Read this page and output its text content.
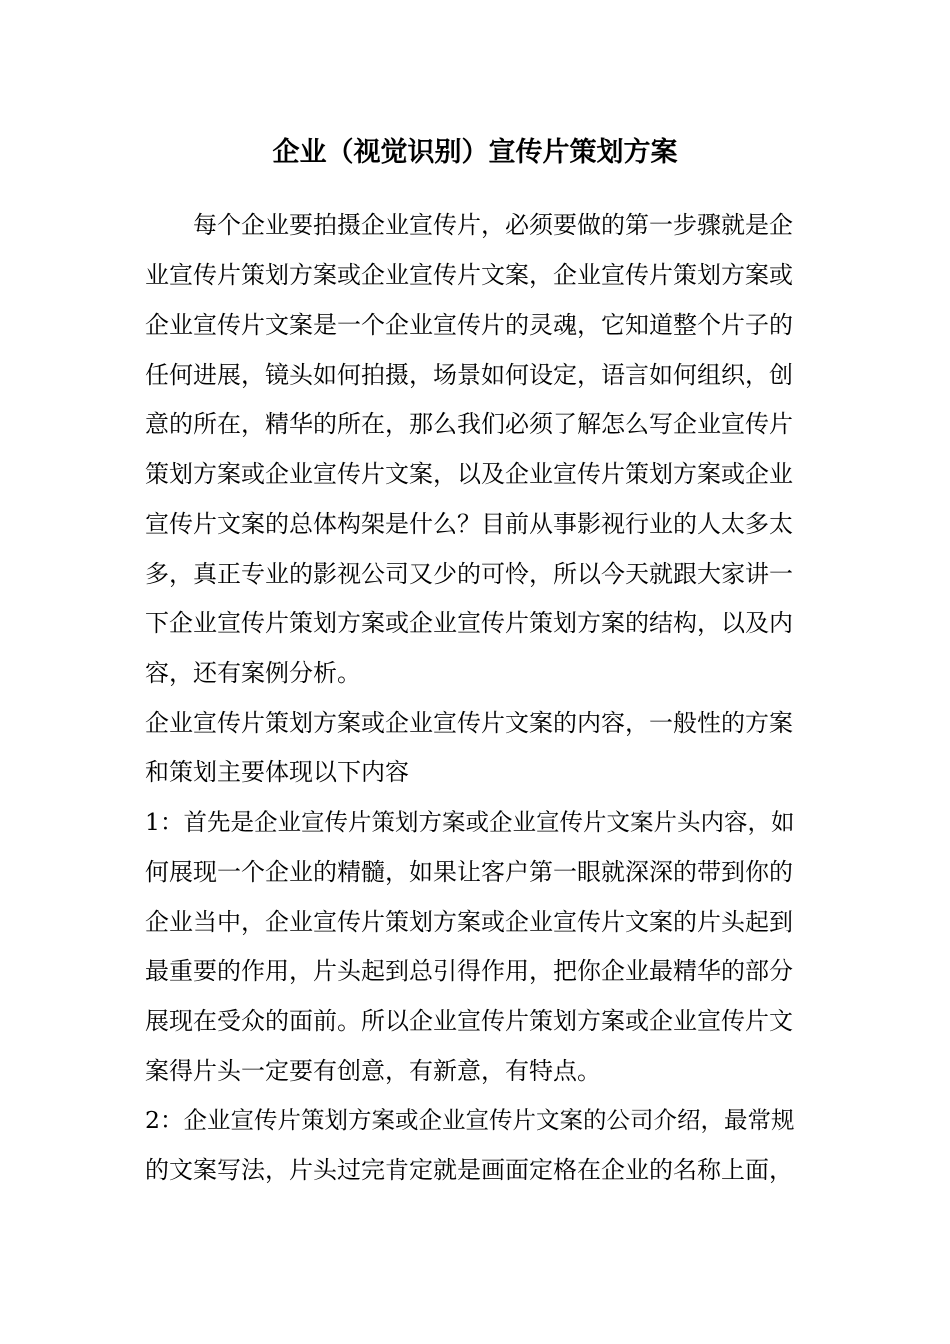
企业（视觉识别）宣传片策划方案

每个企业要拍摄企业宣传片，必须要做的第一步骤就是企

业宣传片策划方案或企业宣传片文案，企业宣传片策划方案或

企业宣传片文案是一个企业宣传片的灵魂，它知道整个片子的

任何进展，镜头如何拍摄，场景如何设定，语言如何组织，创

意的所在，精华的所在，那么我们必须了解怎么写企业宣传片

策划方案或企业宣传片文案，以及企业宣传片策划方案或企业

宣传片文案的总体构架是什么？目前从事影视行业的人太多太

多，真正专业的影视公司又少的可怜，所以今天就跟大家讲一

下企业宣传片策划方案或企业宣传片策划方案的结构，以及内

容，还有案例分析。

企业宣传片策划方案或企业宣传片文案的内容，一般性的方案

和策划主要体现以下内容

1：首先是企业宣传片策划方案或企业宣传片文案片头内容，如

何展现一个企业的精髓，如果让客户第一眼就深深的带到你的

企业当中，企业宣传片策划方案或企业宣传片文案的片头起到

最重要的作用，片头起到总引得作用，把你企业最精华的部分

展现在受众的面前。所以企业宣传片策划方案或企业宣传片文

案得片头一定要有创意，有新意，有特点。

2：企业宣传片策划方案或企业宣传片文案的公司介绍，最常规

的文案写法，片头过完肯定就是画面定格在企业的名称上面，
